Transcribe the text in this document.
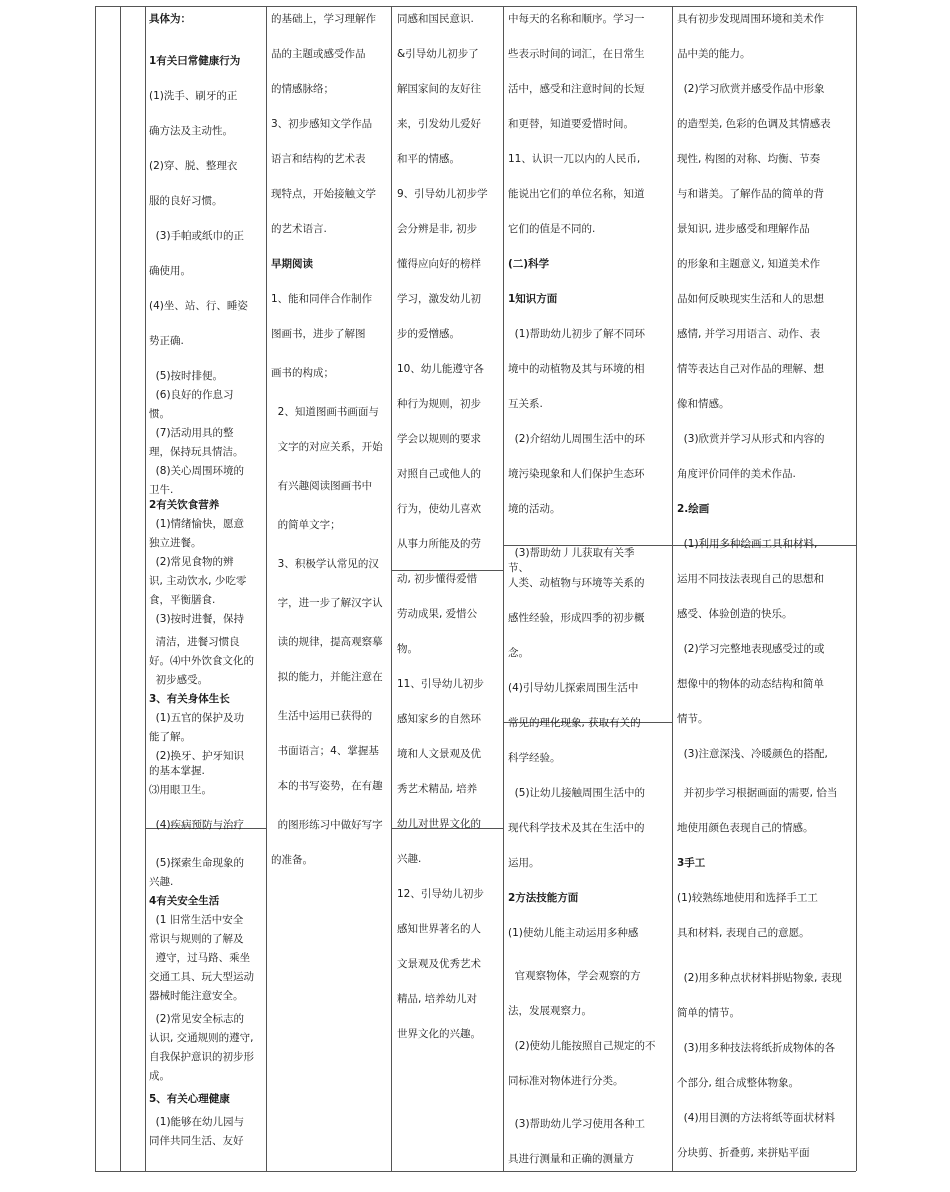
具体为：

1有关曰常健康行为

(1)洗手、刷牙的正

确方法及主动性。

(2)穿、脱、整理衣

服的良好习惯。

(3)手帕或纸巾的正

确使用。

(4)坐、站、行、睡姿

势正确.

(5)按时排便。

(6)良好的作息习

惯。

(7)活动用具的整

理，保持玩具情洁。

(8)关心周围环境的

卫牛.

2有关饮食营养

(1)情绪愉快，愿意

独立进餐。

(2)常见食物的辨

识, 主动饮水, 少吃零

食，平衡膳食.

(3)按时进餐，保持

清洁，进餐习惯良

好。⑷中外饮食文化的

初步感受。

3、有关身体生长

(1)五官的保护及功

能了解。

(2)换牙、护牙知识

的基本掌握.

⑶用眼卫生。

(4)疾病预防与治疗

(5)探索生命现象的

兴趣.

4有关安全生活

(1 旧常生活中安全

常识与规则的了解及

遵守，过马路、乘坐

交通工具、玩大型运动

器械时能注意安全。

(2)常见安全标志的

认识, 交通规则的遵守,

自我保护意识的初步形

成。

5、有关心理健康

(1)能够在幼儿园与

同伴共同生活、友好

的基础上，学习理解作

品的主题或感受作品

的情感脉络；

3、初步感知文学作品

语言和结构的艺术表

现特点，开始接触文学

的艺术语言.

早期阅读

1、能和同伴合作制作

图画书，进步了解图

画书的构成；

2、知道图画书画面与

文字的对应关系，开始

有兴趣阅读图画书中

的简单文字；

3、积极学认常见的汉

字，进一步了解汉字认

读的规律，提高观察摹

拟的能力，并能注意在

生活中运用已获得的

书面语言；4、掌握基

本的书写姿势，在有趣

的图形练习中做好写字

的准备。

同感和国民意识.

&引导幼儿初步了

解国家间的友好往

来，引发幼儿爱好

和平的情感。

9、引导幼儿初步学

会分辨是非, 初步

懂得应向好的榜样

学习，激发幼儿初

步的爱憎感。

10、幼儿能遵守各

种行为规则，初步

学会以规则的要求

对照自己或他人的

行为，使幼儿喜欢

从事力所能及的劳

动, 初步懂得爱惜

劳动成果, 爱惜公

物。

11、引导幼儿初步

感知家乡的自然环

境和人文景观及优

秀艺术精品, 培养

幼儿对世界文化的

兴趣.

12、引导幼儿初步

感知世界著名的人

文景观及优秀艺术

精品, 培养幼儿对

世界文化的兴趣。

中每天的名称和顺序。学习一

些表示时间的词汇，在日常生

活中，感受和注意时间的长短

和更替，知道要爱惜时间。

11、认识一兀以内的人民币,

能说出它们的单位名称，知道

它们的值是不同的.

(二)科学

1知识方面

(1)帮助幼儿初步了解不同环

境中的动植物及其与环境的相

互关系.

(2)介绍幼儿周围生活中的环

境污染现象和人们保护生态环

境的活动。

(3)帮助幼丿儿获取有关季

节、

人类、动植物与环境等关系的

感性经验，形成四季的初步概

念。

(4)引导幼儿探索周围生活中

常见的理化现象, 获取有关的

科学经验。

(5)让幼儿接触周围生活中的

现代科学技术及其在生活中的

运用。

2方法技能方面

(1)使幼儿能主动运用多种感

官观察物体，学会观察的方

法，发展观察力。

(2)使幼儿能按照自己规定的不

同标准对物体进行分类。

(3)帮助幼儿学习使用各种工

具进行测量和正确的测量方

具有初步发现周围环境和美术作

品中美的能力。

(2)学习欣赏并感受作品中形象

的造型美, 色彩的色调及其情感表

现性, 构图的对称、均衡、节奏

与和谐美。了解作品的简单的背

景知识, 进步感受和理解作品

的形象和主题意义, 知道美术作

品如何反映现实生活和人的思想

感情, 并学习用语言、动作、表

情等表达自己对作品的理解、想

像和情感。

(3)欣赏并学习从形式和内容的

角度评价同伴的美术作品.

2.绘画

(1)利用多种绘画工具和材料,

运用不同技法表现自己的思想和

感受、体验创造的快乐。

(2)学习完整地表现感受过的或

想像中的物体的动态结构和简单

情节。

(3)注意深浅、冷暖颜色的搭配,

并初步学习根据画面的需要, 恰当

地使用颜色表现自己的情感。

3手工

(1)较熟练地使用和选择手工工

具和材料, 表现自己的意愿。

(2)用多种点状材料拼贴物象, 表现

简单的情节。

(3)用多种技法将纸折成物体的各

个部分, 组合成整体物象。

(4)用目测的方法将纸等面状材料

分块剪、折叠剪, 来拼贴平面
